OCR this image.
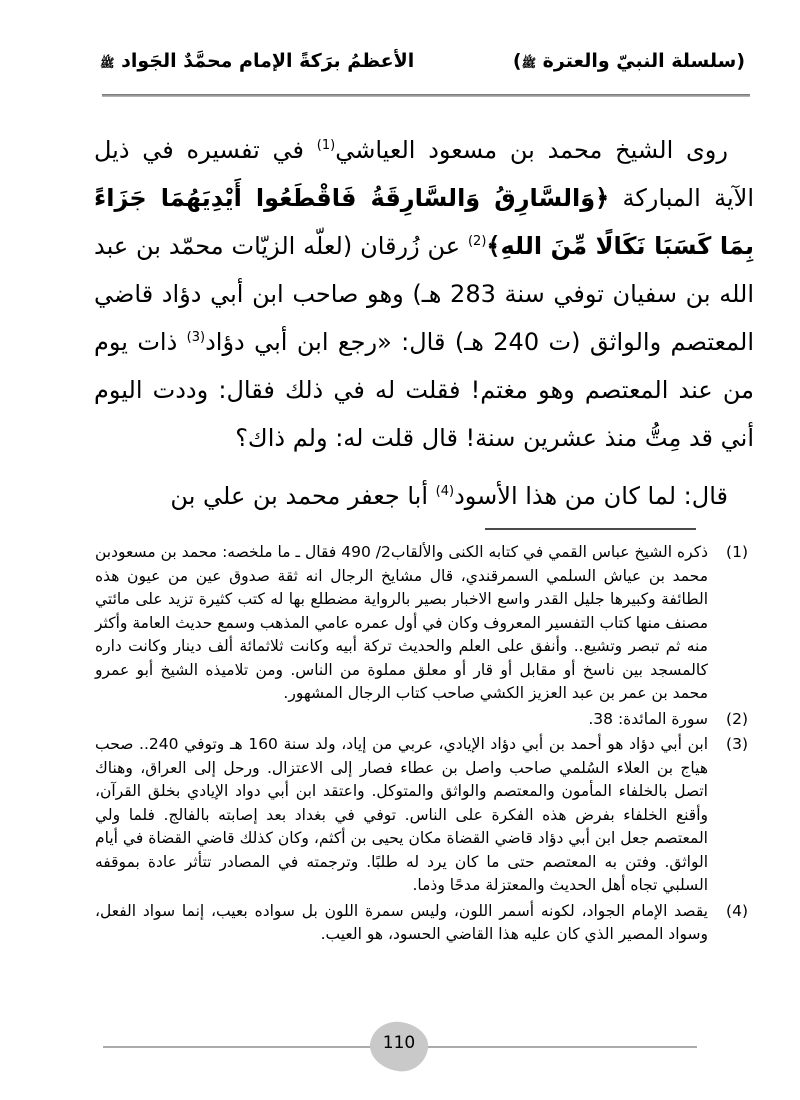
(سلسلة النبيّ والعترة ﷺ)
الأعظمُ برَكةً الإمام محمَّدٌ الجَواد ﷺ

روى الشيخ محمد بن مسعود العياشي$^{(1)}$ في تفسيره في ذيل الآية المباركة ﴿وَالسَّارِقُ وَالسَّارِقَةُ فَاقْطَعُوا أَيْدِيَهُمَا جَزَاءً بِمَا كَسَبَا نَكَالًا مِّنَ اللهِ﴾$^{(2)}$ عن زُرقان (لعلّه الزيّات محمّد بن عبد الله بن سفيان توفي سنة 283 هـ) وهو صاحب ابن أبي دؤاد قاضي المعتصم والواثق (ت 240 هـ) قال: «رجع ابن أبي دؤاد$^{(3)}$ ذات يوم من عند المعتصم وهو مغتم! فقلت له في ذلك فقال: وددت اليوم أني قد مِتُّ منذ عشرين سنة! قال قلت له: ولم ذاك؟

قال: لما كان من هذا الأسود$^{(4)}$ أبا جعفر محمد بن علي بن

(1)
ذكره الشيخ عباس القمي في كتابه الكنى والألقاب2/ 490 فقال ـ ما ملخصه: محمد بن مسعودبن محمد بن عياش السلمي السمرقندي، قال مشايخ الرجال انه ثقة صدوق عين من عيون هذه الطائفة وكبيرها جليل القدر واسع الاخبار بصير بالرواية مضطلع بها له كتب كثيرة تزيد على مائتي مصنف منها كتاب التفسير المعروف وكان في أول عمره عامي المذهب وسمع حديث العامة وأكثر منه ثم تبصر وتشيع.. وأنفق على العلم والحديث تركة أبيه وكانت ثلاثمائة ألف دينار وكانت داره كالمسجد بين ناسخ أو مقابل أو قار أو معلق مملوة من الناس. ومن تلاميذه الشيخ أبو عمرو محمد بن عمر بن عبد العزيز الكشي صاحب كتاب الرجال المشهور.
(2)
سورة المائدة: 38.
(3)
ابن أبي دؤاد هو أحمد بن أبي دؤاد الإيادي، عربي من إياد، ولد سنة 160 هـ وتوفي 240.. صحب هياج بن العلاء السُلمي صاحب واصل بن عطاء فصار إلى الاعتزال. ورحل إلى العراق، وهناك اتصل بالخلفاء المأمون والمعتصم والواثق والمتوكل. واعتقد ابن أبي دواد الإيادي بخلق القرآن، وأقنع الخلفاء بفرض هذه الفكرة على الناس. توفي في بغداد بعد إصابته بالفالج. فلما ولي المعتصم جعل ابن أبي دؤاد قاضي القضاة مكان يحيى بن أكثم، وكان كذلك قاضي القضاة في أيام الواثق. وفتن به المعتصم حتى ما كان يرد له طلبًا. وترجمته في المصادر تتأثر عادة بموقفه السلبي تجاه أهل الحديث والمعتزلة مدحًا وذما.
(4)
يقصد الإمام الجواد، لكونه أسمر اللون، وليس سمرة اللون بل سواده بعيب، إنما سواد الفعل، وسواد المصير الذي كان عليه هذا القاضي الحسود، هو العيب.
110
